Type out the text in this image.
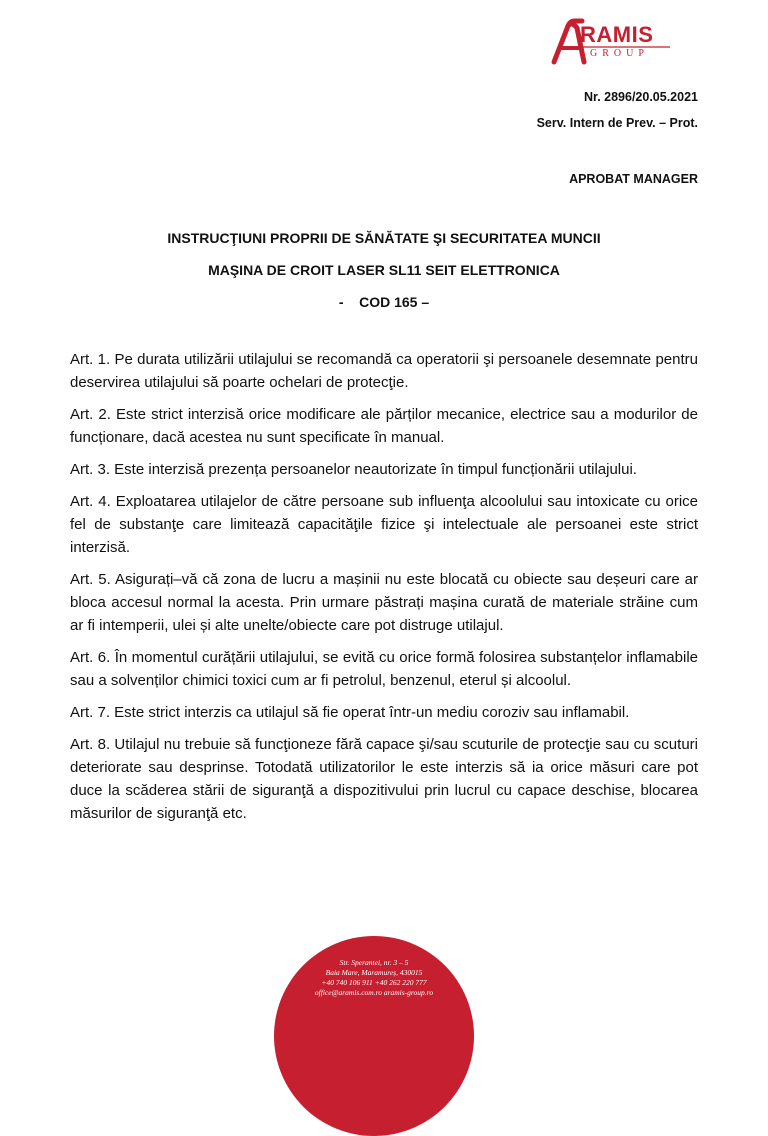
RAMIS
GROUP
Nr. 2896/20.05.2021
Serv. Intern de Prev. – Prot.
APROBAT MANAGER
INSTRUCŢIUNI PROPRII DE SĂNĂTATE ŞI SECURITATEA MUNCII
MAŞINA DE CROIT LASER SL11 SEIT ELETTRONICA
-    COD 165 –

Art. 1. Pe durata utilizării utilajului se recomandă ca operatorii şi persoanele desemnate pentru deservirea utilajului să poarte ochelari de protecţie.

Art. 2. Este strict interzisă orice modificare ale părților mecanice, electrice sau a modurilor de funcționare, dacă acestea nu sunt specificate în manual.

Art. 3. Este interzisă prezența persoanelor neautorizate în timpul funcționării utilajului.

Art. 4. Exploatarea utilajelor de către persoane sub influenţa alcoolului sau intoxicate cu orice fel de substanţe care limitează capacităţile fizice şi intelectuale ale persoanei este strict interzisă.

Art. 5. Asigurați–vă că zona de lucru a mașinii nu este blocată cu obiecte sau deșeuri care ar bloca accesul normal la acesta. Prin urmare păstrați mașina curată de materiale străine cum ar fi intemperii, ulei și alte unelte/obiecte care pot distruge utilajul.

Art. 6. În momentul curățării utilajului, se evită cu orice formă folosirea substanțelor inflamabile sau a solvenților chimici toxici cum ar fi petrolul, benzenul, eterul și alcoolul.

Art. 7. Este strict interzis ca utilajul să fie operat într-un mediu coroziv sau inflamabil.

Art. 8. Utilajul nu trebuie să funcţioneze fără capace şi/sau scuturile de protecţie sau cu scuturi deteriorate sau desprinse. Totodată utilizatorilor le este interzis să ia orice măsuri care pot duce la scăderea stării de siguranţă a dispozitivului prin lucrul cu capace deschise, blocarea măsurilor de siguranţă etc.

Str. Sperantei, nr. 3 – 5
Baia Mare, Maramureș, 430015
+40 740 106 911 +40 262 220 777
office@aramis.com.ro aramis-group.ro
